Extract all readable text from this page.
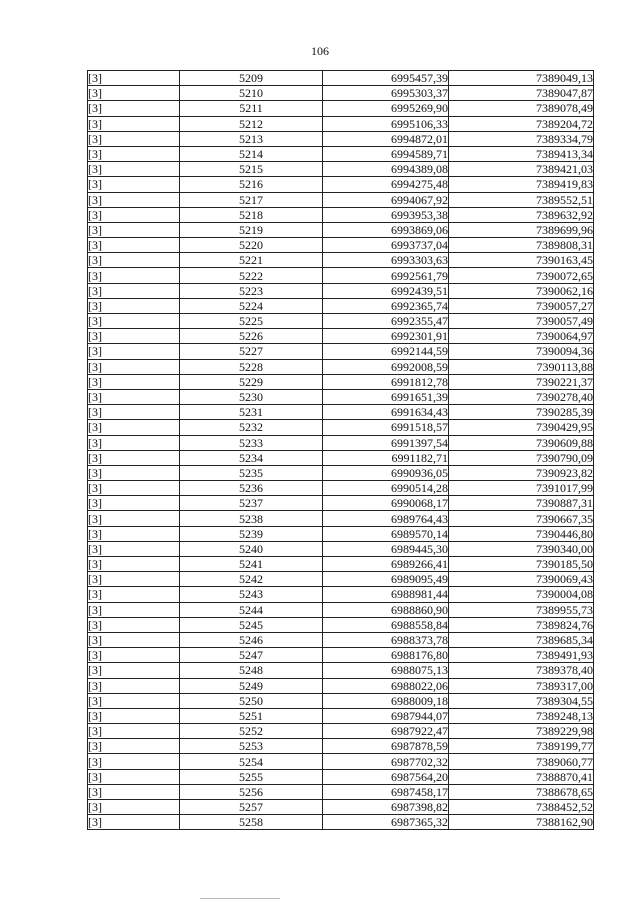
106
[3]	5209	6995457,39	7389049,13
[3]	5210	6995303,37	7389047,87
[3]	5211	6995269,90	7389078,49
[3]	5212	6995106,33	7389204,72
[3]	5213	6994872,01	7389334,79
[3]	5214	6994589,71	7389413,34
[3]	5215	6994389,08	7389421,03
[3]	5216	6994275,48	7389419,83
[3]	5217	6994067,92	7389552,51
[3]	5218	6993953,38	7389632,92
[3]	5219	6993869,06	7389699,96
[3]	5220	6993737,04	7389808,31
[3]	5221	6993303,63	7390163,45
[3]	5222	6992561,79	7390072,65
[3]	5223	6992439,51	7390062,16
[3]	5224	6992365,74	7390057,27
[3]	5225	6992355,47	7390057,49
[3]	5226	6992301,91	7390064,97
[3]	5227	6992144,59	7390094,36
[3]	5228	6992008,59	7390113,88
[3]	5229	6991812,78	7390221,37
[3]	5230	6991651,39	7390278,40
[3]	5231	6991634,43	7390285,39
[3]	5232	6991518,57	7390429,95
[3]	5233	6991397,54	7390609,88
[3]	5234	6991182,71	7390790,09
[3]	5235	6990936,05	7390923,82
[3]	5236	6990514,28	7391017,99
[3]	5237	6990068,17	7390887,31
[3]	5238	6989764,43	7390667,35
[3]	5239	6989570,14	7390446,80
[3]	5240	6989445,30	7390340,00
[3]	5241	6989266,41	7390185,50
[3]	5242	6989095,49	7390069,43
[3]	5243	6988981,44	7390004,08
[3]	5244	6988860,90	7389955,73
[3]	5245	6988558,84	7389824,76
[3]	5246	6988373,78	7389685,34
[3]	5247	6988176,80	7389491,93
[3]	5248	6988075,13	7389378,40
[3]	5249	6988022,06	7389317,00
[3]	5250	6988009,18	7389304,55
[3]	5251	6987944,07	7389248,13
[3]	5252	6987922,47	7389229,98
[3]	5253	6987878,59	7389199,77
[3]	5254	6987702,32	7389060,77
[3]	5255	6987564,20	7388870,41
[3]	5256	6987458,17	7388678,65
[3]	5257	6987398,82	7388452,52
[3]	5258	6987365,32	7388162,90
